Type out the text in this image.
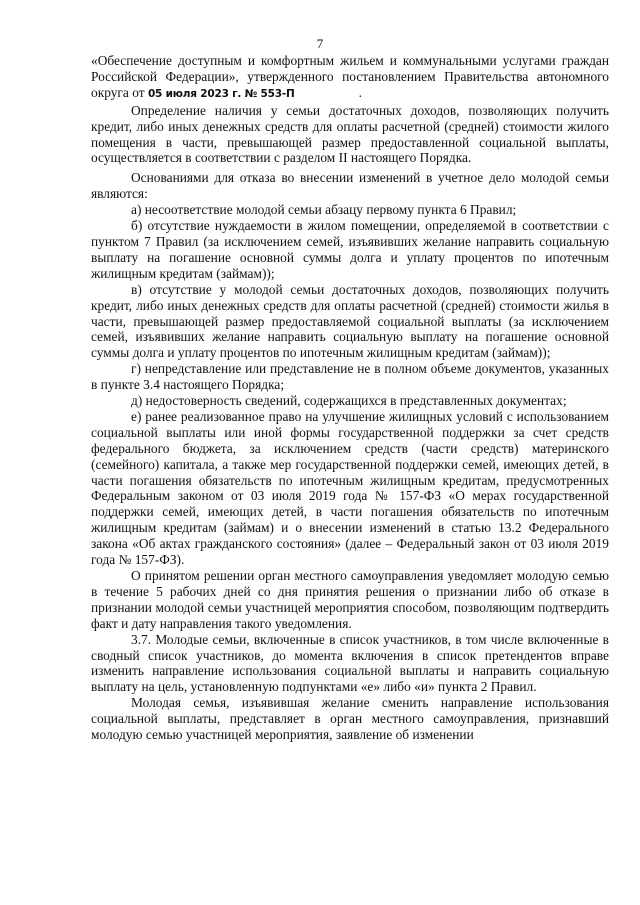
7

«Обеспечение доступным и комфортным жильем и коммунальными услугами граждан Российской Федерации», утвержденного постановлением Правительства автономного округа от 05 июля 2023 г. № 553-П	.

Определение наличия у семьи достаточных доходов, позволяющих получить кредит, либо иных денежных средств для оплаты расчетной (средней) стоимости жилого помещения в части, превышающей размер предоставленной социальной выплаты, осуществляется в соответствии с разделом II настоящего Порядка.

Основаниями для отказа во внесении изменений в учетное дело молодой семьи являются:

а) несоответствие молодой семьи абзацу первому пункта 6 Правил;

б) отсутствие нуждаемости в жилом помещении, определяемой в соответствии с пунктом 7 Правил (за исключением семей, изъявивших желание направить социальную выплату на погашение основной суммы долга и уплату процентов по ипотечным жилищным кредитам (займам));

в) отсутствие у молодой семьи достаточных доходов, позволяющих получить кредит, либо иных денежных средств для оплаты расчетной (средней) стоимости жилья в части, превышающей размер предоставляемой социальной выплаты (за исключением семей, изъявивших желание направить социальную выплату на погашение основной суммы долга и уплату процентов по ипотечным жилищным кредитам (займам));

г) непредставление или представление не в полном объеме документов, указанных в пункте 3.4 настоящего Порядка;

д) недостоверность сведений, содержащихся в представленных документах;

е) ранее реализованное право на улучшение жилищных условий с использованием социальной выплаты или иной формы государственной поддержки за счет средств федерального бюджета, за исключением средств (части средств) материнского (семейного) капитала, а также мер государственной поддержки семей, имеющих детей, в части погашения обязательств по ипотечным жилищным кредитам, предусмотренных Федеральным законом от 03 июля 2019 года № 157-ФЗ «О мерах государственной поддержки семей, имеющих детей, в части погашения обязательств по ипотечным жилищным кредитам (займам) и о внесении изменений в статью 13.2 Федерального закона «Об актах гражданского состояния» (далее – Федеральный закон от 03 июля 2019 года № 157-ФЗ).

О принятом решении орган местного самоуправления уведомляет молодую семью в течение 5 рабочих дней со дня принятия решения о признании либо об отказе в признании молодой семьи участницей мероприятия способом, позволяющим подтвердить факт и дату направления такого уведомления.

3.7. Молодые семьи, включенные в список участников, в том числе включенные в сводный список участников, до момента включения в список претендентов вправе изменить направление использования социальной выплаты и направить социальную выплату на цель, установленную подпунктами «е» либо «и» пункта 2 Правил.

Молодая семья, изъявившая желание сменить направление использования социальной выплаты, представляет в орган местного самоуправления, признавший молодую семью участницей мероприятия, заявление об изменении
